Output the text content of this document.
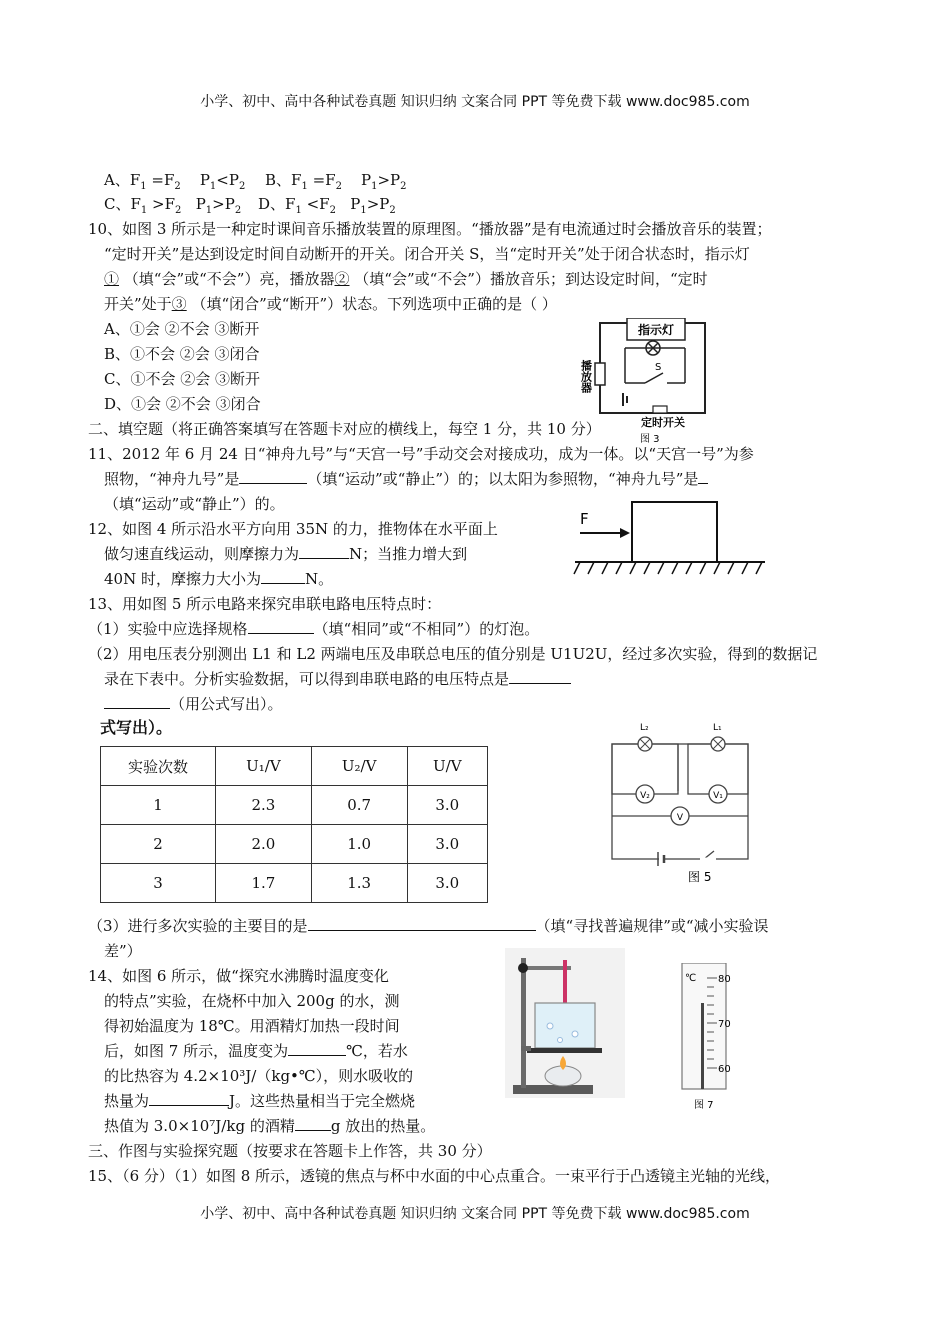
小学、初中、高中各种试卷真题 知识归纳 文案合同 PPT 等免费下载 www.doc985.com
小学、初中、高中各种试卷真题 知识归纳 文案合同 PPT 等免费下载 www.doc985.com
A、$F_1 =F_2$    $P_1<P_2$ B、$F_1 =F_2$    $P_1>P_2$
C、$F_1 >F_2$   $P_1>P_2$ D、$F_1 <F_2$   $P_1>P_2$
10、如图 3 所示是一种定时课间音乐播放装置的原理图。“播放器”是有电流通过时会播放音乐的装置；
“定时开关”是达到设定时间自动断开的开关。闭合开关 S，当“定时开关”处于闭合状态时，指示灯
① （填“会”或“不会”）亮，播放器② （填“会”或“不会”）播放音乐；到达设定时间，“定时
开关”处于③ （填“闭合”或“断开”）状态。下列选项中正确的是（ ）
A、①会 ②不会 ③断开
B、①不会 ②会 ③闭合
C、①不会 ②会 ③断开
D、①会 ②不会 ③闭合
指示灯
S
播放器
定时开关
图 3
二、填空题（将正确答案填写在答题卡对应的横线上，每空 1 分，共 10 分）
11、2012 年 6 月 24 日“神舟九号”与“天宫一号”手动交会对接成功，成为一体。以“天宫一号”为参
照物，“神舟九号”是	（填“运动”或“静止”）的；以太阳为参照物，“神舟九号”是
（填“运动”或“静止”）的。
12、如图 4 所示沿水平方向用 35N 的力，推物体在水平面上
做匀速直线运动，则摩擦力为	N；当推力增大到
40N 时，摩擦力大小为	N。
F
13、用如图 5 所示电路来探究串联电路电压特点时：
（1）实验中应选择规格	（填“相同”或“不相同”）的灯泡。
（2）用电压表分别测出 L1 和 L2 两端电压及串联总电压的值分别是 U1U2U，经过多次实验，得到的数据记
录在下表中。分析实验数据，可以得到串联电路的电压特点是
（用公式写出）。
式写出）。
实验次数	U₁/V	U₂/V	U/V
1	2.3	0.7	3.0
2	2.0	1.0	3.0
3	1.7	1.3	3.0
L₂	L₁
V₂	V₁
V
图 5
（3）进行多次实验的主要目的是	（填“寻找普遍规律”或“减小实验误
差”）
14、如图 6 所示，做“探究水沸腾时温度变化
的特点”实验，在烧杯中加入 200g 的水，测
得初始温度为 18℃。用酒精灯加热一段时间
后，如图 7 所示，温度变为	℃，若水
的比热容为 4.2×10³J/（kg•℃），则水吸收的
热量为	J。这些热量相当于完全燃烧
热值为 3.0×10⁷J/kg 的酒精 g 放出的热量。
℃ 80
70
60
图 7
三、作图与实验探究题（按要求在答题卡上作答，共 30 分）
15、（6 分）（1）如图 8 所示，透镜的焦点与杯中水面的中心点重合。一束平行于凸透镜主光轴的光线，
